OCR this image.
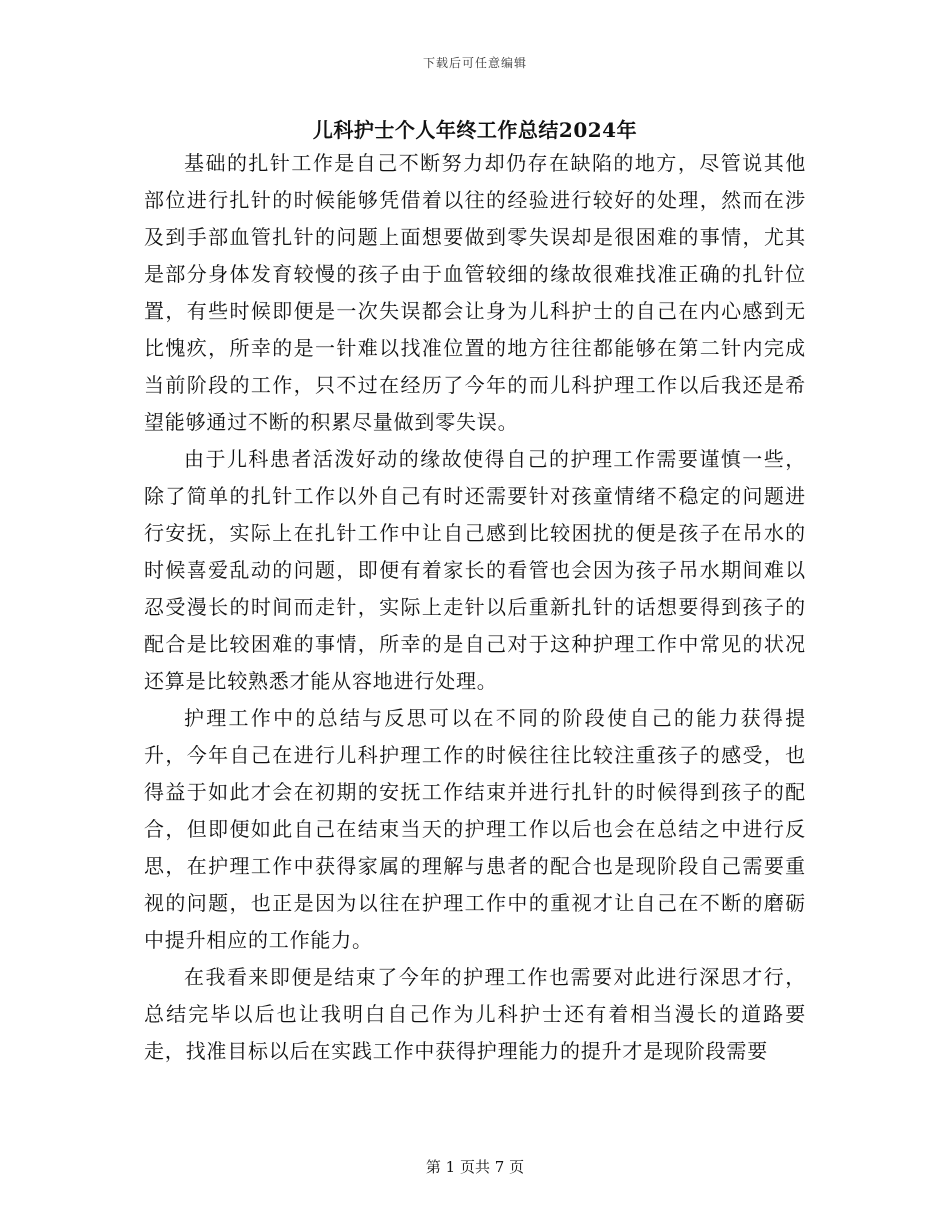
下载后可任意编辑
儿科护士个人年终工作总结2024年

基础的扎针工作是自己不断努力却仍存在缺陷的地方，尽管说其他部位进行扎针的时候能够凭借着以往的经验进行较好的处理，然而在涉及到手部血管扎针的问题上面想要做到零失误却是很困难的事情，尤其是部分身体发育较慢的孩子由于血管较细的缘故很难找准正确的扎针位置，有些时候即便是一次失误都会让身为儿科护士的自己在内心感到无比愧疚，所幸的是一针难以找准位置的地方往往都能够在第二针内完成当前阶段的工作，只不过在经历了今年的而儿科护理工作以后我还是希望能够通过不断的积累尽量做到零失误。

由于儿科患者活泼好动的缘故使得自己的护理工作需要谨慎一些，除了简单的扎针工作以外自己有时还需要针对孩童情绪不稳定的问题进行安抚，实际上在扎针工作中让自己感到比较困扰的便是孩子在吊水的时候喜爱乱动的问题，即便有着家长的看管也会因为孩子吊水期间难以忍受漫长的时间而走针，实际上走针以后重新扎针的话想要得到孩子的配合是比较困难的事情，所幸的是自己对于这种护理工作中常见的状况还算是比较熟悉才能从容地进行处理。

护理工作中的总结与反思可以在不同的阶段使自己的能力获得提升，今年自己在进行儿科护理工作的时候往往比较注重孩子的感受，也得益于如此才会在初期的安抚工作结束并进行扎针的时候得到孩子的配合，但即便如此自己在结束当天的护理工作以后也会在总结之中进行反思，在护理工作中获得家属的理解与患者的配合也是现阶段自己需要重视的问题，也正是因为以往在护理工作中的重视才让自己在不断的磨砺中提升相应的工作能力。

在我看来即便是结束了今年的护理工作也需要对此进行深思才行，总结完毕以后也让我明白自己作为儿科护士还有着相当漫长的道路要走，找准目标以后在实践工作中获得护理能力的提升才是现阶段需要

第 1 页共 7 页
